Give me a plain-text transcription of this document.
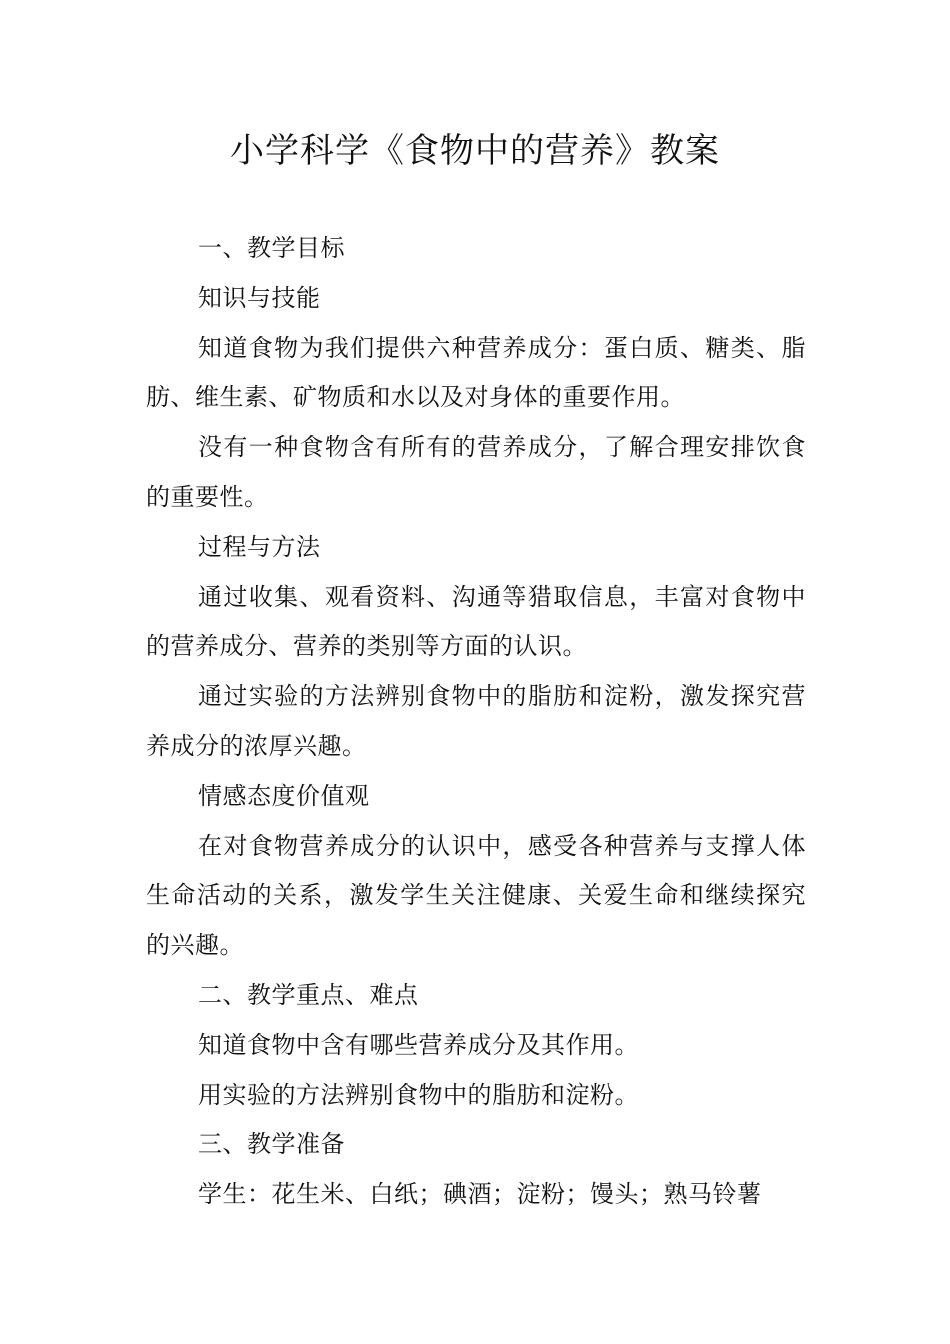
小学科学《食物中的营养》教案

一、教学目标

知识与技能

知道食物为我们提供六种营养成分：蛋白质、糖类、脂肪、维生素、矿物质和水以及对身体的重要作用。

没有一种食物含有所有的营养成分，了解合理安排饮食的重要性。

过程与方法

通过收集、观看资料、沟通等猎取信息，丰富对食物中的营养成分、营养的类别等方面的认识。

通过实验的方法辨别食物中的脂肪和淀粉，激发探究营养成分的浓厚兴趣。

情感态度价值观

在对食物营养成分的认识中，感受各种营养与支撑人体生命活动的关系，激发学生关注健康、关爱生命和继续探究的兴趣。

二、教学重点、难点

知道食物中含有哪些营养成分及其作用。

用实验的方法辨别食物中的脂肪和淀粉。

三、教学准备

学生：花生米、白纸；碘酒；淀粉；馒头；熟马铃薯
